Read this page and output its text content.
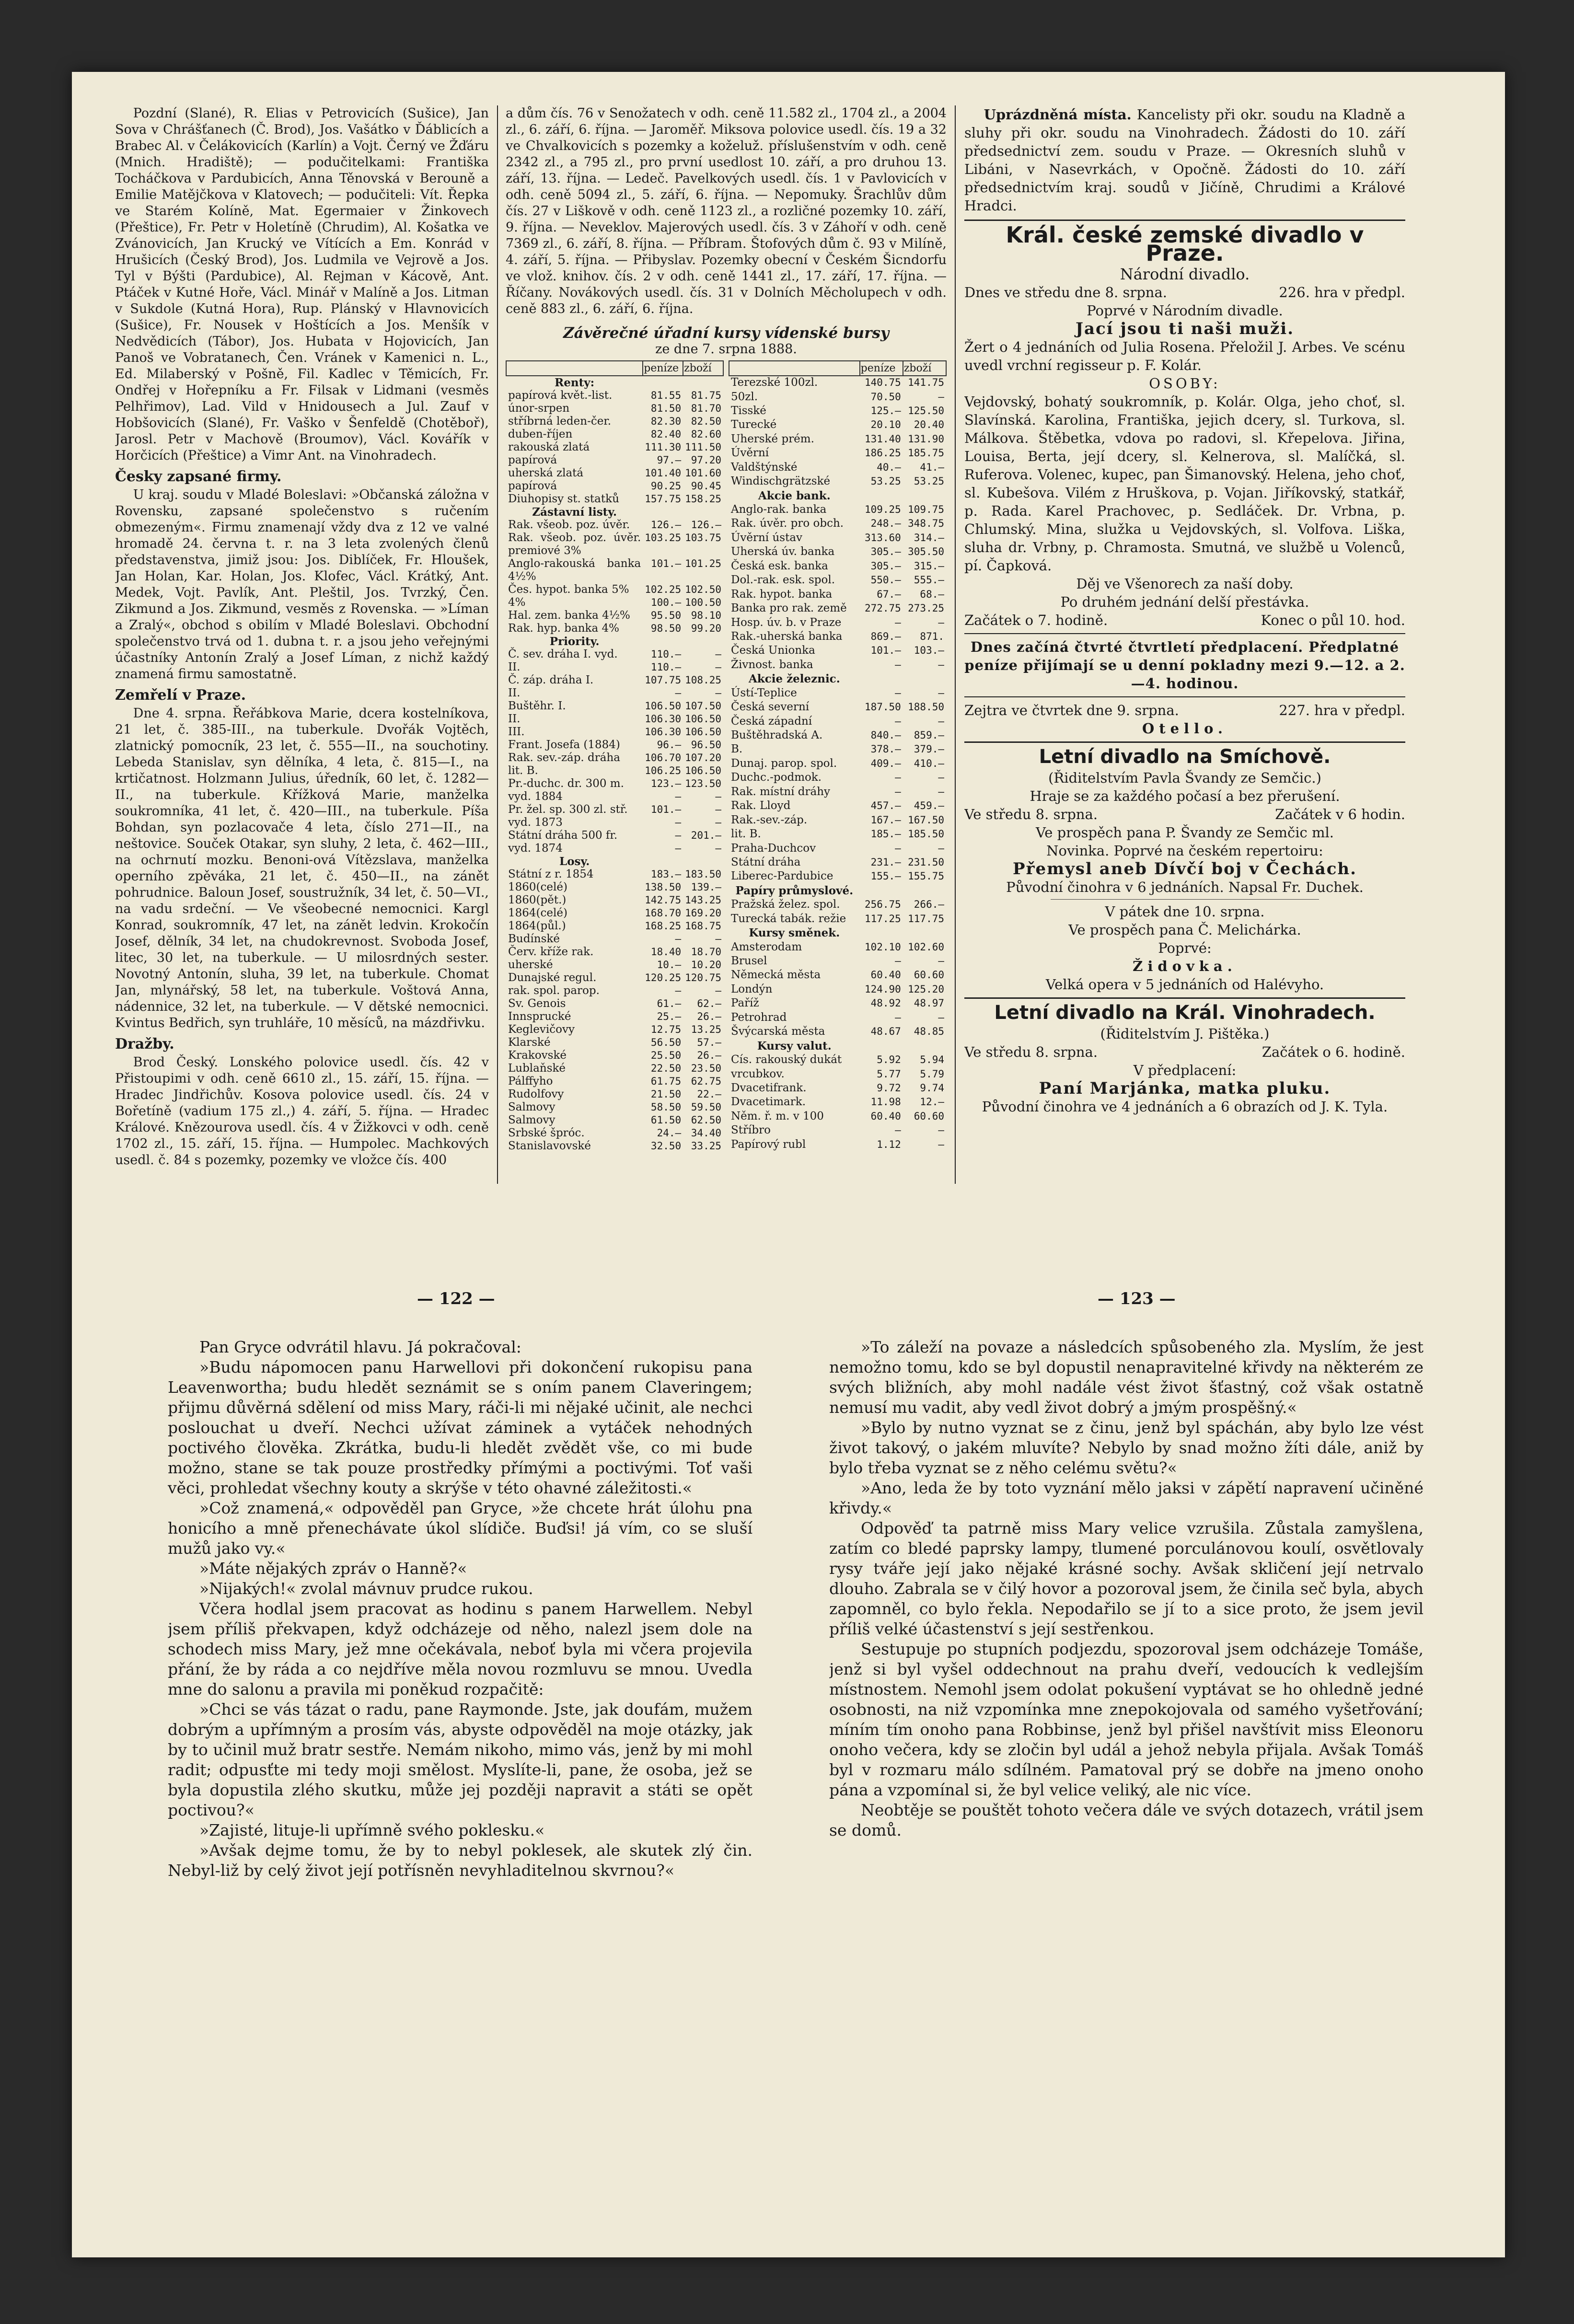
Pozdní (Slané), R. Elias v Petrovicích (Sušice), Jan Sova v Chrášťanech (Č. Brod), Jos. Vašátko v Ďáblicích a Brabec Al. v Čelákovicích (Karlín) a Vojt. Černý ve Žďáru (Mnich. Hradiště); — podučitelkami: Františka Tocháčkova v Pardubicích, Anna Těnovská v Berouně a Emilie Matějčkova v Klatovech; — podučiteli: Vít. Řepka ve Starém Kolíně, Mat. Egermaier v Žinkovech (Přeštice), Fr. Petr v Holetíně (Chrudim), Al. Košatka ve Zvánovicích, Jan Krucký ve Vítících a Em. Konrád v Hrušicích (Český Brod), Jos. Ludmila ve Vejrově a Jos. Tyl v Býšti (Pardubice), Al. Rejman v Kácově, Ant. Ptáček v Kutné Hoře, Václ. Minář v Malíně a Jos. Litman v Sukdole (Kutná Hora), Rup. Plánský v Hlavnovicích (Sušice), Fr. Nousek v Hoštících a Jos. Menšík v Nedvědicích (Tábor), Jos. Hubata v Hojovicích, Jan Panoš ve Vobratanech, Čen. Vránek v Kamenici n. L., Ed. Milaberský v Pošně, Fil. Kadlec v Těmicích, Fr. Ondřej v Hořepníku a Fr. Filsak v Lidmani (vesměs Pelhřimov), Lad. Vild v Hnidousech a Jul. Zauf v Hobšovicích (Slané), Fr. Vaško v Šenfeldě (Chotěboř), Jarosl. Petr v Machově (Broumov), Václ. Kovářík v Horčicích (Přeštice) a Vimr Ant. na Vinohradech.

Česky zapsané firmy.

U kraj. soudu v Mladé Boleslavi: »Občanská záložna v Rovensku, zapsané společenstvo s ručením obmezeným«. Firmu znamenají vždy dva z 12 ve valné hromadě 24. června t. r. na 3 leta zvolených členů představenstva, jimiž jsou: Jos. Diblíček, Fr. Hloušek, Jan Holan, Kar. Holan, Jos. Klofec, Václ. Krátký, Ant. Medek, Vojt. Pavlík, Ant. Pleštil, Jos. Tvrzký, Čen. Zikmund a Jos. Zikmund, vesměs z Rovenska. — »Líman a Zralý«, obchod s obilím v Mladé Boleslavi. Obchodní společenstvo trvá od 1. dubna t. r. a jsou jeho veřejnými účastníky Antonín Zralý a Josef Líman, z nichž každý znamená firmu samostatně.

Zemřelí v Praze.

Dne 4. srpna. Řeřábkova Marie, dcera kostelníkova, 21 let, č. 385-III., na tuberkule. Dvořák Vojtěch, zlatnický pomocník, 23 let, č. 555—II., na souchotiny. Lebeda Stanislav, syn dělníka, 4 leta, č. 815—I., na krtičatnost. Holzmann Julius, úředník, 60 let, č. 1282—II., na tuberkule. Křížková Marie, manželka soukromníka, 41 let, č. 420—III., na tuberkule. Píša Bohdan, syn pozlacovače 4 leta, číslo 271—II., na neštovice. Souček Otakar, syn sluhy, 2 leta, č. 462—III., na ochrnutí mozku. Benoni-ová Vítězslava, manželka operního zpěváka, 21 let, č. 450—II., na zánět pohrudnice. Baloun Josef, soustružník, 34 let, č. 50—VI., na vadu srdeční. — Ve všeobecné nemocnici. Kargl Konrad, soukromník, 47 let, na zánět ledvin. Krokočín Josef, dělník, 34 let, na chudokrevnost. Svoboda Josef, litec, 30 let, na tuberkule. — U milosrdných sester. Novotný Antonín, sluha, 39 let, na tuberkule. Chomat Jan, mlynářský, 58 let, na tuberkule. Voštová Anna, nádennice, 32 let, na tuberkule. — V dětské nemocnici. Kvintus Bedřich, syn truhláře, 10 měsíců, na mázdřivku.

Dražby.

Brod Český. Lonského polovice usedl. čís. 42 v Přistoupimi v odh. ceně 6610 zl., 15. září, 15. října. — Hradec Jindřichův. Kosova polovice usedl. čís. 24 v Bořetíně (vadium 175 zl.,) 4. září, 5. října. — Hradec Králové. Knězourova usedl. čís. 4 v Žižkovci v odh. ceně 1702 zl., 15. září, 15. října. — Humpolec. Machkových usedl. č. 84 s pozemky, pozemky ve vložce čís. 400

a dům čís. 76 v Senožatech v odh. ceně 11.582 zl., 1704 zl., a 2004 zl., 6. září, 6. října. — Jaroměř. Miksova polovice usedl. čís. 19 a 32 ve Chvalkovicích s pozemky a koželuž. příslušenstvím v odh. ceně 2342 zl., a 795 zl., pro první usedlost 10. září, a pro druhou 13. září, 13. října. — Ledeč. Pavelkových usedl. čís. 1 v Pavlovicích v odh. ceně 5094 zl., 5. září, 6. října. — Nepomuky. Šrachlův dům čís. 27 v Liškově v odh. ceně 1123 zl., a rozličné pozemky 10. září, 9. října. — Neveklov. Majerových usedl. čís. 3 v Záhoří v odh. ceně 7369 zl., 6. září, 8. října. — Příbram. Štofových dům č. 93 v Milíně, 4. září, 5. října. — Přibyslav. Pozemky obecní v Českém Šicndorfu ve vlož. knihov. čís. 2 v odh. ceně 1441 zl., 17. září, 17. října. — Říčany. Novákových usedl. čís. 31 v Dolních Měcholupech v odh. ceně 883 zl., 6. září, 6. října.

Závěrečné úřadní kursy vídenské bursy
ze dne 7. srpna 1888.
	peníze	zboží
Renty:		
papírová květ.-list.	81.55	81.75
únor-srpen	81.50	81.70
stříbrná leden-čer.	82.30	82.50
duben-říjen	82.40	82.60
rakouská zlatá	111.30	111.50
papírová	97.—	97.20
uherská zlatá	101.40	101.60
papírová	90.25	90.45
Diuhopisy st. statků	157.75	158.25
Zástavní listy.		
Rak. všeob. poz. úvěr.	126.—	126.—
Rak. všeob. poz. úvěr. premiové 3%	103.25	103.75
Anglo-rakouská banka 4½%	101.—	101.25
Čes. hypot. banka 5%	102.25	102.50
4%	100.—	100.50
Hal. zem. banka 4½%	95.50	98.10
Rak. hyp. banka 4%	98.50	99.20
Priority.		
Č. sev. dráha I. vyd.	110.—	—
II.	110.—	—
Č. záp. dráha I.	107.75	108.25
II.	—	—
Buštěhr. I.	106.50	107.50
II.	106.30	106.50
III.	106.30	106.50
Frant. Josefa (1884)	96.—	96.50
Rak. sev.-záp. dráha	106.70	107.20
lit. B.	106.25	106.50
Pr.-duchc. dr. 300 m.	123.—	123.50
vyd. 1884	—	—
Pr. žel. sp. 300 zl. stř.	101.—	—
vyd. 1873	—	—
Státní dráha 500 fr.	—	201.—
vyd. 1874	—	—
Losy.		
Státní z r. 1854	183.—	183.50
1860(celé)	138.50	139.—
1860(pět.)	142.75	143.25
1864(celé)	168.70	169.20
1864(půl.)	168.25	168.75
Budínské	—	—
Červ. kříže rak.	18.40	18.70
uherské	10.—	10.20
Dunajské regul.	120.25	120.75
rak. spol. parop.	—	—
Sv. Genois	61.—	62.—
Innsprucké	25.—	26.—
Keglevičovy	12.75	13.25
Klarské	56.50	57.—
Krakovské	25.50	26.—
Lublaňské	22.50	23.50
Pálffyho	61.75	62.75
Rudolfovy	21.50	22.—
Salmovy	58.50	59.50
Salmovy	61.50	62.50
Srbské špróc.	24.—	34.40
Stanislavovské	32.50	33.25
	peníze	zboží
Terezské 100zl.	140.75	141.75
50zl.	70.50	—
Tisské	125.—	125.50
Turecké	20.10	20.40
Uherské prém.	131.40	131.90
Úvěrní	186.25	185.75
Valdštýnské	40.—	41.—
Windischgrätzské	53.25	53.25
Akcie bank.		
Anglo-rak. banka	109.25	109.75
Rak. úvěr. pro obch.	248.—	348.75
Úvěrní ústav	313.60	314.—
Uherská úv. banka	305.—	305.50
Česká esk. banka	305.—	315.—
Dol.-rak. esk. spol.	550.—	555.—
Rak. hypot. banka	67.—	68.—
Banka pro rak. země	272.75	273.25
Hosp. úv. b. v Praze	—	—
Rak.-uherská banka	869.—	871.
Česká Unionka	101.—	103.—
Živnost. banka	—	—
Akcie železnic.		
Ústí-Teplice	—	—
Česká severní	187.50	188.50
Česká západní	—	—
Buštěhradská A.	840.—	859.—
B.	378.—	379.—
Dunaj. parop. spol.	409.—	410.—
Duchc.-podmok.	—	—
Rak. místní dráhy	—	—
Rak. Lloyd	457.—	459.—
Rak.-sev.-záp.	167.—	167.50
lit. B.	185.—	185.50
Praha-Duchcov	—	—
Státní dráha	231.—	231.50
Liberec-Pardubice	155.—	155.75
Papíry průmyslové.		
Pražská želez. spol.	256.75	266.—
Turecká tabák. režie	117.25	117.75
Kursy směnek.		
Amsterodam	102.10	102.60
Brusel	—	—
Německá města	60.40	60.60
Londýn	124.90	125.20
Paříž	48.92	48.97
Petrohrad	—	—
Švýcarská města	48.67	48.85
Kursy valut.		
Cís. rakouský dukát	5.92	5.94
vrcubkov.	5.77	5.79
Dvacetifrank.	9.72	9.74
Dvacetimark.	11.98	12.—
Něm. ř. m. v 100	60.40	60.60
Stříbro	—	—
Papírový rubl	1.12	—

Uprázdněná místa. Kancelisty při okr. soudu na Kladně a sluhy při okr. soudu na Vinohradech. Žádosti do 10. září předsednictví zem. soudu v Praze. — Okresních sluhů v Libáni, v Nasevrkách, v Opočně. Žádosti do 10. září předsednictvím kraj. soudů v Jičíně, Chrudimi a Králové Hradci.

Král. české zemské divadlo v Praze.
Národní divadlo.
Dnes ve středu dne 8. srpna.	226. hra v předpl.
Poprvé v Národním divadle.
Jací jsou ti naši muži.
Žert o 4 jednáních od Julia Rosena. Přeložil J. Arbes. Ve scénu uvedl vrchní regisseur p. F. Kolár.
OSOBY:
Vejdovský, bohatý soukromník, p. Kolár. Olga, jeho choť, sl. Slavínská. Karolina, Františka, jejich dcery, sl. Turkova, sl. Málkova. Štěbetka, vdova po radovi, sl. Křepelova. Jiřina, Louisa, Berta, její dcery, sl. Kelnerova, sl. Malíčká, sl. Ruferova. Volenec, kupec, pan Šimanovský. Helena, jeho choť, sl. Kubešova. Vilém z Hruškova, p. Vojan. Jiříkovský, statkář, p. Rada. Karel Prachovec, p. Sedláček. Dr. Vrbna, p. Chlumský. Mina, služka u Vejdovských, sl. Volfova. Liška, sluha dr. Vrbny, p. Chramosta. Smutná, ve službě u Volenců, pí. Čapková.
Děj ve Všenorech za naší doby.
Po druhém jednání delší přestávka.
Začátek o 7. hodině.	Konec o půl 10. hod.
Dnes začíná čtvrté čtvrtletí předplacení. Předplatné peníze přijímají se u denní pokladny mezi 9.—12. a 2.—4. hodinou.
Zejtra ve čtvrtek dne 9. srpna.	227. hra v předpl.
Otello.
Letní divadlo na Smíchově.
(Řiditelstvím Pavla Švandy ze Semčic.)
Hraje se za každého počasí a bez přerušení.
Ve středu 8. srpna.	Začátek v 6 hodin.
Ve prospěch pana P. Švandy ze Semčic ml.
Novinka. Poprvé na českém repertoiru:
Přemysl aneb Dívčí boj v Čechách.
Původní činohra v 6 jednáních. Napsal Fr. Duchek.
V pátek dne 10. srpna.
Ve prospěch pana Č. Melichárka.
Poprvé:
Židovka.
Velká opera v 5 jednáních od Halévyho.
Letní divadlo na Král. Vinohradech.
(Řiditelstvím J. Pištěka.)
Ve středu 8. srpna.	Začátek o 6. hodině.
V předplacení:
Paní Marjánka, matka pluku.
Původní činohra ve 4 jednáních a 6 obrazích od J. K. Tyla.
— 122 —	— 123 —

Pan Gryce odvrátil hlavu. Já pokračoval:

»Budu nápomocen panu Harwellovi při dokončení rukopisu pana Leavenwortha; budu hledět seznámit se s oním panem Claveringem; přijmu důvěrná sdělení od miss Mary, ráči-li mi nějaké učinit, ale nechci poslouchat u dveří. Nechci užívat záminek a vytáček nehodných poctivého člověka. Zkrátka, budu-li hledět zvědět vše, co mi bude možno, stane se tak pouze prostředky přímými a poctivými. Toť vaši věci, prohledat všechny kouty a skrýše v této ohavné záležitosti.«

»Což znamená,« odpověděl pan Gryce, »že chcete hrát úlohu pna honicího a mně přenechávate úkol slídiče. Buďsi! já vím, co se sluší mužů jako vy.«

»Máte nějakých zpráv o Hanně?«

»Nijakých!« zvolal mávnuv prudce rukou.

Včera hodlal jsem pracovat as hodinu s panem Harwellem. Nebyl jsem příliš překvapen, když odcházeje od něho, nalezl jsem dole na schodech miss Mary, jež mne očekávala, neboť byla mi včera projevila přání, že by ráda a co nejdříve měla novou rozmluvu se mnou. Uvedla mne do salonu a pravila mi poněkud rozpačitě:

»Chci se vás tázat o radu, pane Raymonde. Jste, jak doufám, mužem dobrým a upřímným a prosím vás, abyste odpověděl na moje otázky, jak by to učinil muž bratr sestře. Nemám nikoho, mimo vás, jenž by mi mohl radit; odpusťte mi tedy moji smělost. Myslíte-li, pane, že osoba, jež se byla dopustila zlého skutku, může jej později napravit a státi se opět poctivou?«

»Zajisté, lituje-li upřímně svého poklesku.«

»Avšak dejme tomu, že by to nebyl poklesek, ale skutek zlý čin. Nebyl-liž by celý život její potřísněn nevyhladitelnou skvrnou?«

»To záleží na povaze a následcích spůsobeného zla. Myslím, že jest nemožno tomu, kdo se byl dopustil nenapravitelné křivdy na některém ze svých bližních, aby mohl nadále vést život šťastný, což však ostatně nemusí mu vadit, aby vedl život dobrý a jmým prospěšný.«

»Bylo by nutno vyznat se z činu, jenž byl spáchán, aby bylo lze vést život takový, o jakém mluvíte? Nebylo by snad možno žíti dále, aniž by bylo třeba vyznat se z něho celému světu?«

»Ano, leda že by toto vyznání mělo jaksi v zápětí napravení učiněné křivdy.«

Odpověď ta patrně miss Mary velice vzrušila. Zůstala zamyšlena, zatím co bledé paprsky lampy, tlumené porculánovou koulí, osvětlovaly rysy tváře její jako nějaké krásné sochy. Avšak skličení její netrvalo dlouho. Zabrala se v čilý hovor a pozoroval jsem, že činila seč byla, abych zapomněl, co bylo řekla. Nepodařilo se jí to a sice proto, že jsem jevil příliš velké účastenství s její sestřenkou.

Sestupuje po stupních podjezdu, spozoroval jsem odcházeje Tomáše, jenž si byl vyšel oddechnout na prahu dveří, vedoucích k vedlejším místnostem. Nemohl jsem odolat pokušení vyptávat se ho ohledně jedné osobnosti, na niž vzpomínka mne znepokojovala od samého vyšetřování; míním tím onoho pana Robbinse, jenž byl přišel navštívit miss Eleonoru onoho večera, kdy se zločin byl udál a jehož nebyla přijala. Avšak Tomáš byl v rozmaru málo sdílném. Pamatoval prý se dobře na jmeno onoho pána a vzpomínal si, že byl velice veliký, ale nic více.

Neobtěje se pouštět tohoto večera dále ve svých dotazech, vrátil jsem se domů.
